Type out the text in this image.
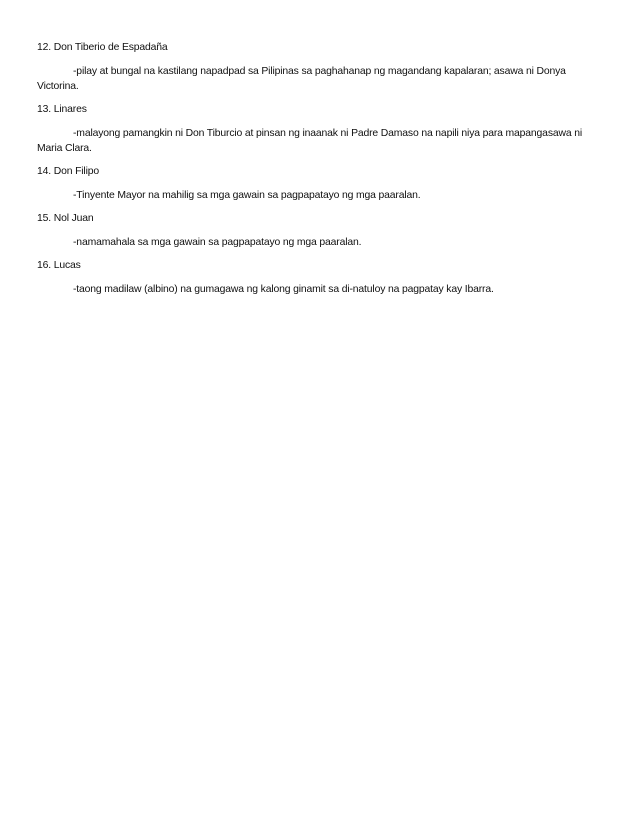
12. Don Tiberio de Espadaña

-pilay at bungal na kastilang napadpad sa Pilipinas sa paghahanap ng magandang kapalaran; asawa ni Donya Victorina.

13. Linares

-malayong pamangkin ni Don Tiburcio at pinsan ng inaanak ni Padre Damaso na napili niya para mapangasawa ni Maria Clara.

14. Don Filipo

-Tinyente Mayor na mahilig sa mga gawain sa pagpapatayo ng mga paaralan.

15. Nol Juan

-namamahala sa mga gawain sa pagpapatayo ng mga paaralan.

16. Lucas

-taong madilaw (albino) na gumagawa ng kalong ginamit sa di-natuloy na pagpatay kay Ibarra.
